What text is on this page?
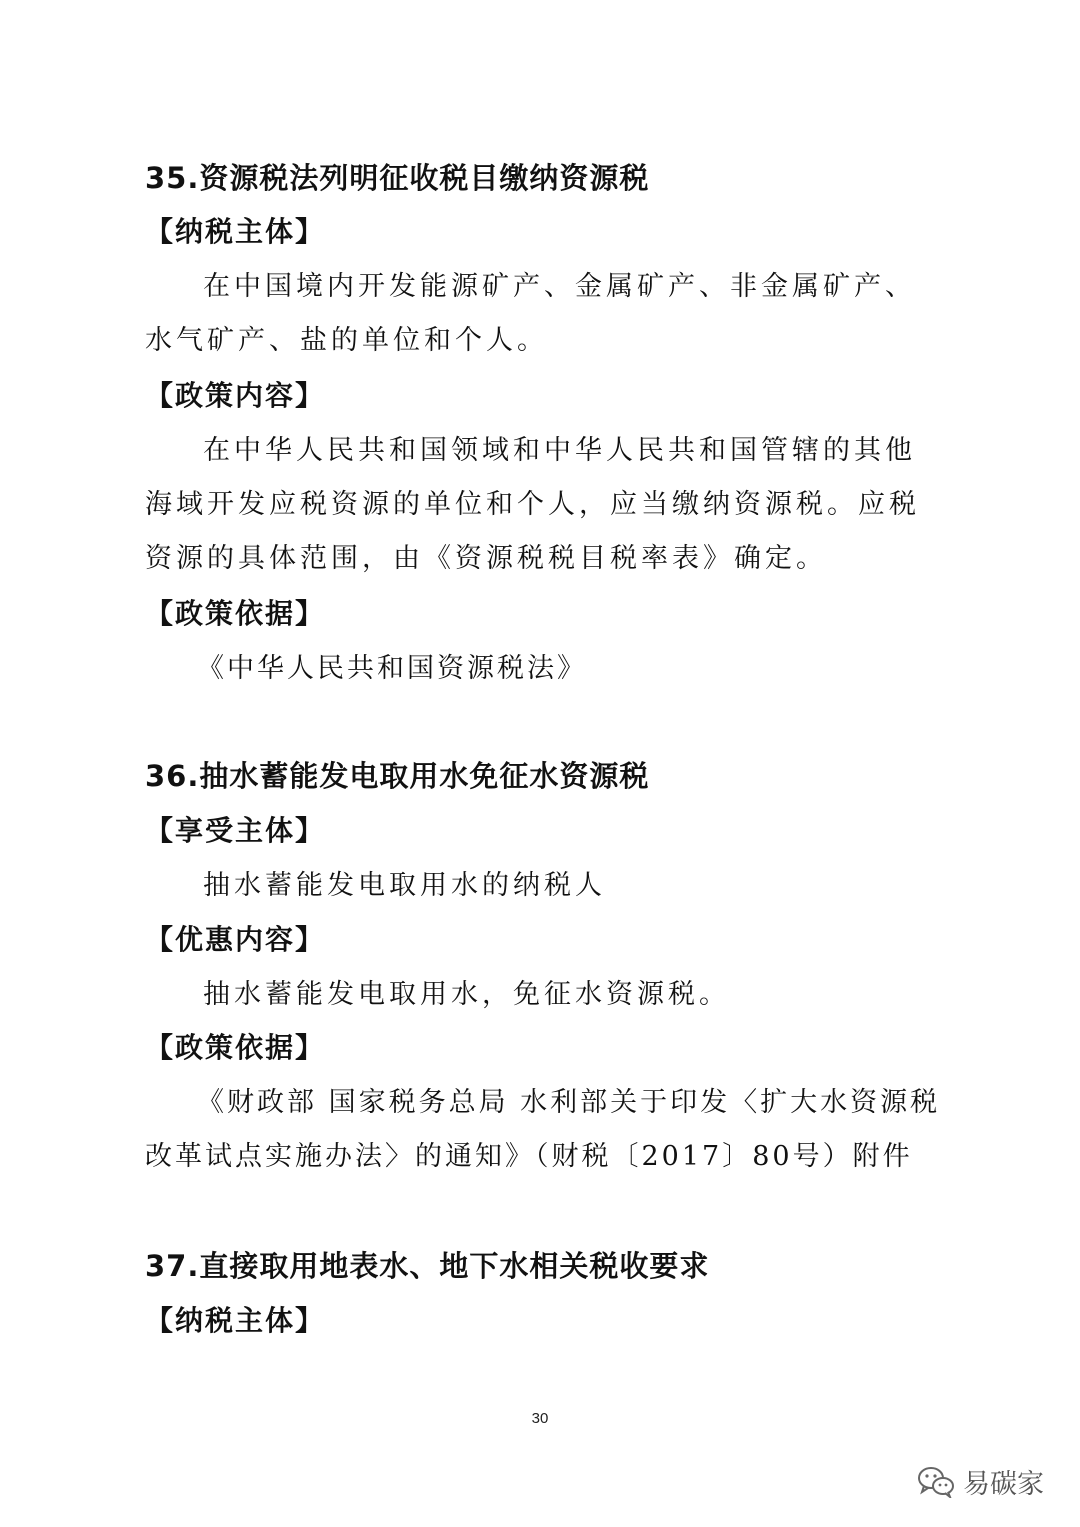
35.资源税法列明征收税目缴纳资源税
【纳税主体】
在中国境内开发能源矿产、金属矿产、非金属矿产、水气矿产、盐的单位和个人。
【政策内容】
在中华人民共和国领域和中华人民共和国管辖的其他海域开发应税资源的单位和个人，应当缴纳资源税。应税资源的具体范围，由《资源税税目税率表》确定。
【政策依据】
《中华人民共和国资源税法》
36.抽水蓄能发电取用水免征水资源税
【享受主体】
抽水蓄能发电取用水的纳税人
【优惠内容】
抽水蓄能发电取用水，免征水资源税。
【政策依据】
《财政部 国家税务总局 水利部关于印发〈扩大水资源税改革试点实施办法〉的通知》（财税〔2017〕80号）附件
37.直接取用地表水、地下水相关税收要求
【纳税主体】
30
易碳家
